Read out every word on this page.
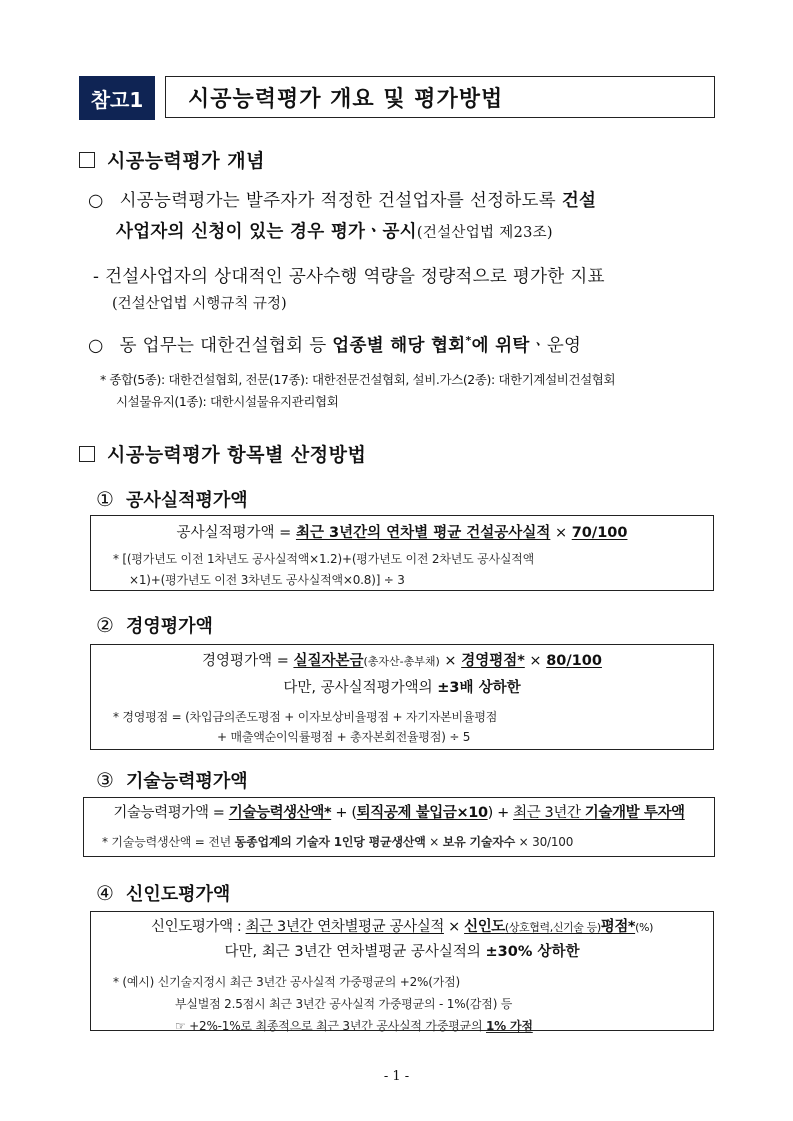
참고1 시공능력평가 개요 및 평가방법
시공능력평가 개념
○ 시공능력평가는 발주자가 적정한 건설업자를 선정하도록 건설
사업자의 신청이 있는 경우 평가ㆍ공시(건설산업법 제23조)
- 건설사업자의 상대적인 공사수행 역량을 정량적으로 평가한 지표
(건설산업법 시행규칙 규정)
○ 동 업무는 대한건설협회 등 업종별 해당 협회*에 위탁ㆍ운영
* 종합(5종): 대한건설협회, 전문(17종): 대한전문건설협회, 설비.가스(2종): 대한기계설비건설협회
시설물유지(1종): 대한시설물유지관리협회
시공능력평가 항목별 산정방법
① 공사실적평가액
공사실적평가액 = 최근 3년간의 연차별 평균 건설공사실적 × 70/100
* [(평가년도 이전 1차년도 공사실적액×1.2)+(평가년도 이전 2차년도 공사실적액
×1)+(평가년도 이전 3차년도 공사실적액×0.8)] ÷ 3
② 경영평가액
경영평가액 = 실질자본금(총자산-총부채) × 경영평점* × 80/100
다만, 공사실적평가액의 ±3배 상하한
* 경영평점 = (차입금의존도평점 + 이자보상비율평점 + 자기자본비율평점
+ 매출액순이익률평점 + 총자본회전율평점) ÷ 5
③ 기술능력평가액
기술능력평가액 = 기술능력생산액* + (퇴직공제 불입금×10) + 최근 3년간 기술개발 투자액
* 기술능력생산액 = 전년 동종업계의 기술자 1인당 평균생산액 × 보유 기술자수 × 30/100
④ 신인도평가액
신인도평가액 : 최근 3년간 연차별평균 공사실적 × 신인도(상호협력,신기술 등)평점*(%)
다만, 최근 3년간 연차별평균 공사실적의 ±30% 상하한
* (예시) 신기술지정시 최근 3년간 공사실적 가중평균의 +2%(가점)
부실벌점 2.5점시 최근 3년간 공사실적 가중평균의 - 1%(감점) 등
☞ +2%-1%로 최종적으로 최근 3년간 공사실적 가중평균의 1% 가점
- 1 -
